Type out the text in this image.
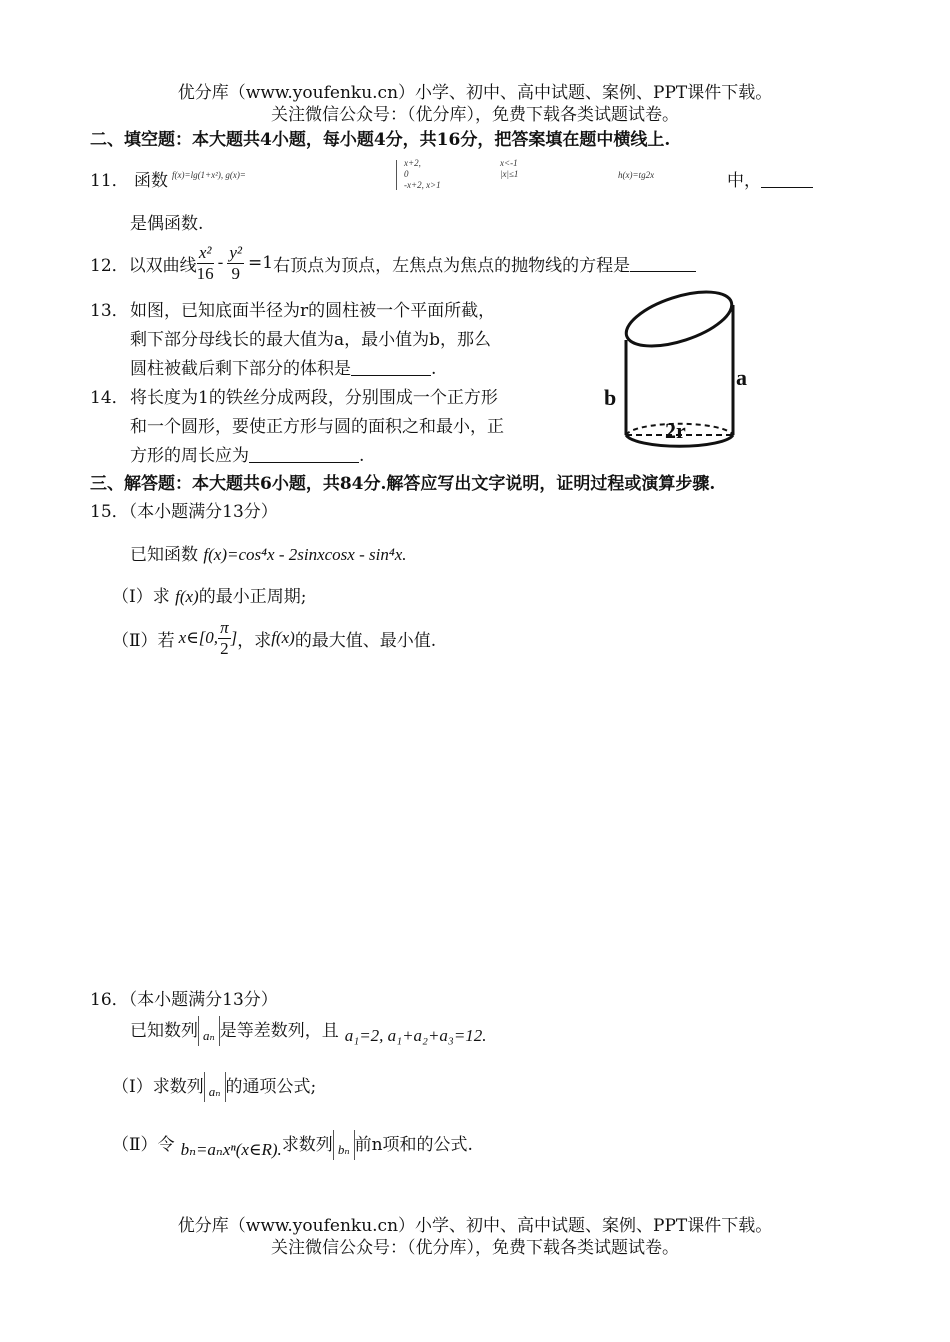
优分库（www.youfenku.cn）小学、初中、高中试题、案例、PPT课件下载。
关注微信公众号：（优分库），免费下载各类试题试卷。
二、填空题：本大题共4小题，每小题4分，共16分，把答案填在题中横线上.
11． 函数 f(x)=lg(1+x²), g(x)=
x+2,
0
-x+2, x>1
x<-1
|x|≤1	h(x)=tg2x	中，
是偶函数.
12． 以双曲线 $\frac{\text{x²}}{16} - \frac{\text{y²}}{9} =1$ 右顶点为顶点，左焦点为焦点的抛物线的方程是
13． 如图，已知底面半径为r的圆柱被一个平面所截，
剩下部分母线长的最大值为a，最小值为b，那么
圆柱被截后剩下部分的体积是	.
14． 将长度为1的铁丝分成两段，分别围成一个正方形
和一个圆形，要使正方形与圆的面积之和最小，正
方形的周长应为	.
a
b
2r
三、解答题：本大题共6小题，共84分.解答应写出文字说明，证明过程或演算步骤.
15．（本小题满分13分）
已知函数 f(x)=cos⁴x - 2sinxcosx - sin⁴x.
（Ⅰ）求 f(x)的最小正周期;
（Ⅱ） 若 x∈[0, $\frac{\pi}{2}$ ] ，求 f(x) 的最大值、最小值.
16．（本小题满分13分）
已知数列 aₙ 是等差数列，且 a₁=2, a₁+a₂+a₃=12.
（Ⅰ） 求数列 aₙ 的通项公式;
（Ⅱ） 令 bₙ=aₙxⁿ(x∈R). 求数列 bₙ 前n项和的公式.
优分库（www.youfenku.cn）小学、初中、高中试题、案例、PPT课件下载。
关注微信公众号：（优分库），免费下载各类试题试卷。
